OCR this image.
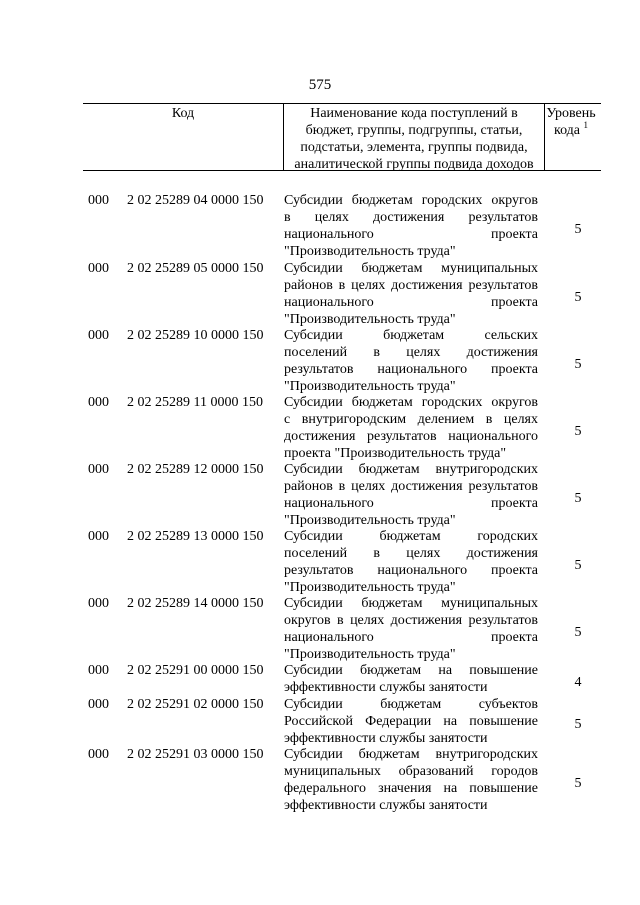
575
Код	Наименование кода поступлений в
бюджет, группы, подгруппы, статьи,
подстатьи, элемента, группы подвида,
аналитической группы подвида доходов
Уровень
кода $^1$
000 2 02 25289 04 0000 150 Субсидии бюджетам городских округов
в целях достижения результатов
национального проекта
"Производительность труда"
5
000 2 02 25289 05 0000 150 Субсидии бюджетам муниципальных
районов в целях достижения результатов
национального проекта
"Производительность труда"
5
000 2 02 25289 10 0000 150 Субсидии бюджетам сельских
поселений в целях достижения
результатов национального проекта
"Производительность труда"
5
000 2 02 25289 11 0000 150 Субсидии бюджетам городских округов
с внутригородским делением в целях
достижения результатов национального
проекта "Производительность труда"
5
000 2 02 25289 12 0000 150 Субсидии бюджетам внутригородских
районов в целях достижения результатов
национального проекта
"Производительность труда"
5
000 2 02 25289 13 0000 150 Субсидии бюджетам городских
поселений в целях достижения
результатов национального проекта
"Производительность труда"
5
000 2 02 25289 14 0000 150 Субсидии бюджетам муниципальных
округов в целях достижения результатов
национального проекта
"Производительность труда"
5
000 2 02 25291 00 0000 150 Субсидии бюджетам на повышение
эффективности службы занятости	4
000 2 02 25291 02 0000 150 Субсидии бюджетам субъектов
Российской Федерации на повышение
эффективности службы занятости
5
000 2 02 25291 03 0000 150 Субсидии бюджетам внутригородских
муниципальных образований городов
федерального значения на повышение
эффективности службы занятости
5
